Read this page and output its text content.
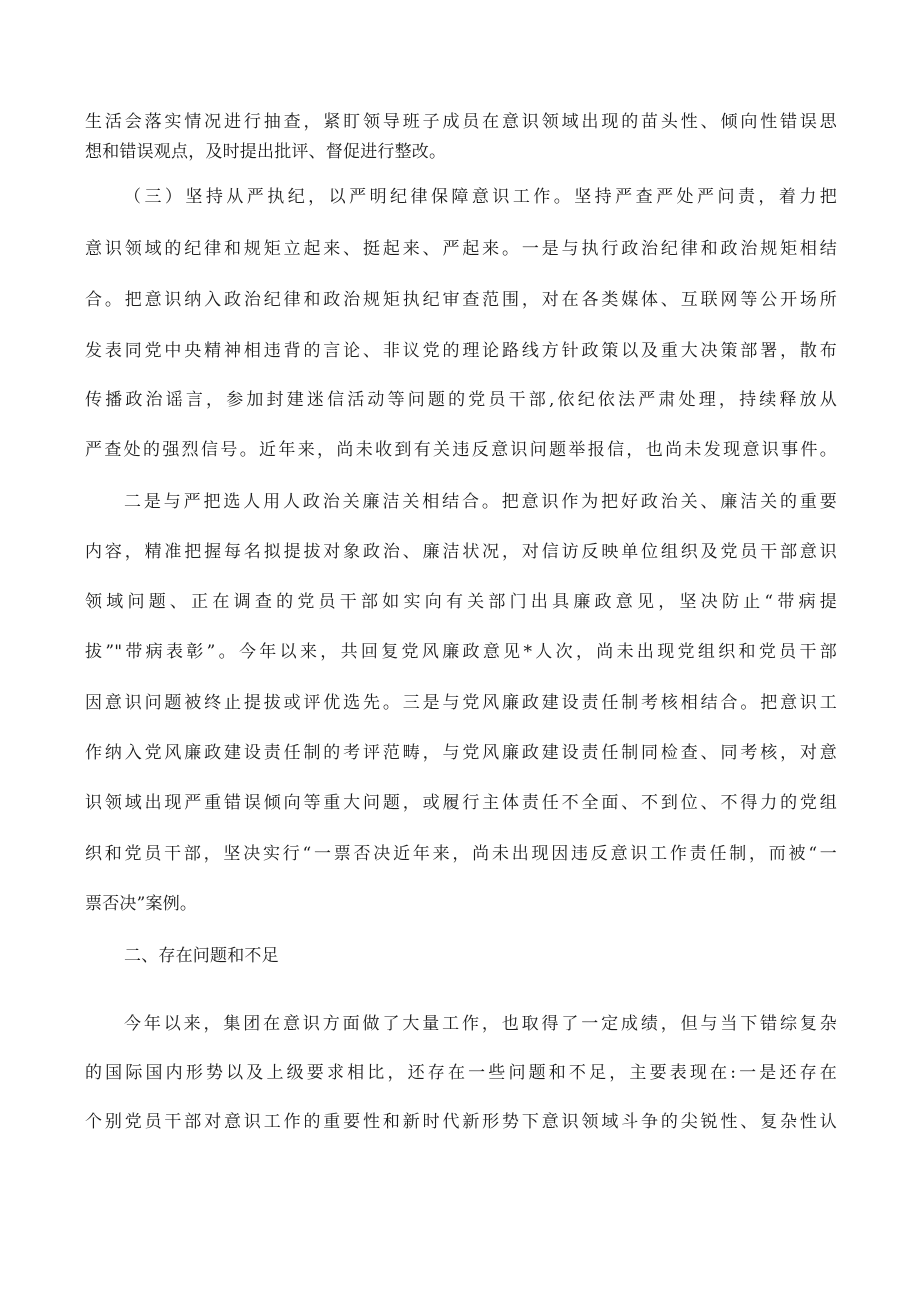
生活会落实情况进行抽查，紧盯领导班子成员在意识领域出现的苗头性、倾向性错误思
想和错误观点，及时提出批评、督促进行整改。
（三）坚持从严执纪，以严明纪律保障意识工作。坚持严查严处严问责，着力把
意识领域的纪律和规矩立起来、挺起来、严起来。一是与执行政治纪律和政治规矩相结
合。把意识纳入政治纪律和政治规矩执纪审查范围，对在各类媒体、互联网等公开场所
发表同党中央精神相违背的言论、非议党的理论路线方针政策以及重大决策部署，散布
传播政治谣言，参加封建迷信活动等问题的党员干部,依纪依法严肃处理，持续释放从
严查处的强烈信号。近年来，尚未收到有关违反意识问题举报信，也尚未发现意识事件。
二是与严把选人用人政治关廉洁关相结合。把意识作为把好政治关、廉洁关的重要
内容，精准把握每名拟提拔对象政治、廉洁状况，对信访反映单位组织及党员干部意识
领域问题、正在调查的党员干部如实向有关部门出具廉政意见，坚决防止“带病提
拔”"带病表彰”。今年以来，共回复党风廉政意见*人次，尚未出现党组织和党员干部
因意识问题被终止提拔或评优选先。三是与党风廉政建设责任制考核相结合。把意识工
作纳入党风廉政建设责任制的考评范畴，与党风廉政建设责任制同检查、同考核，对意
识领域出现严重错误倾向等重大问题，或履行主体责任不全面、不到位、不得力的党组
织和党员干部，坚决实行“一票否决近年来，尚未出现因违反意识工作责任制，而被“一
票否决”案例。
二、存在问题和不足
今年以来，集团在意识方面做了大量工作，也取得了一定成绩，但与当下错综复杂
的国际国内形势以及上级要求相比，还存在一些问题和不足，主要表现在:一是还存在
个别党员干部对意识工作的重要性和新时代新形势下意识领域斗争的尖锐性、复杂性认
